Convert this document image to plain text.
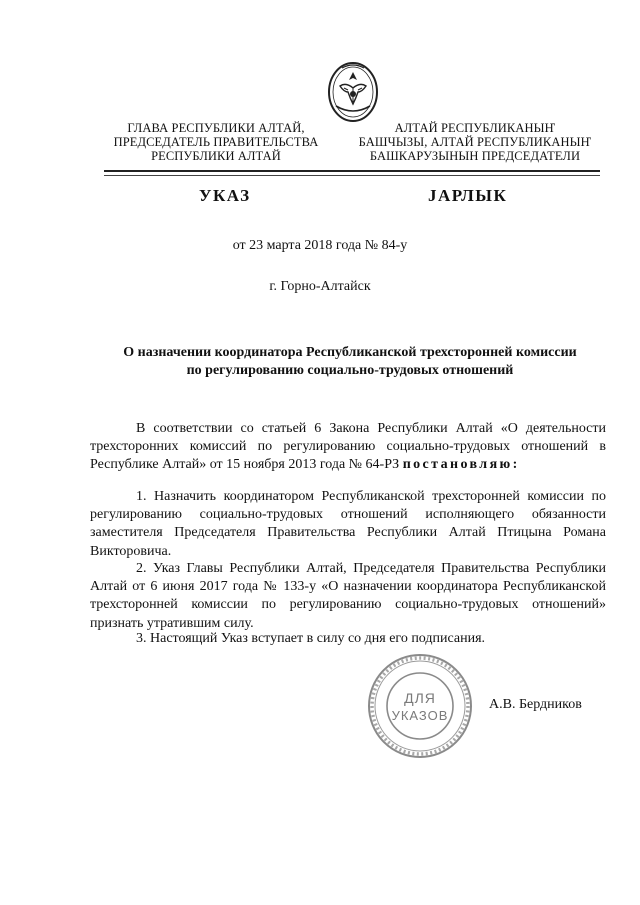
ГЛАВА РЕСПУБЛИКИ АЛТАЙ,
ПРЕДСЕДАТЕЛЬ ПРАВИТЕЛЬСТВА
РЕСПУБЛИКИ АЛТАЙ
АЛТАЙ РЕСПУБЛИКАНЫҤ
БАШЧЫЗЫ, АЛТАЙ РЕСПУБЛИКАНЫҤ
БАШКАРУЗЫНЫН ПРЕДСЕДАТЕЛИ
УКАЗ	ЈАРЛЫК
от 23 марта 2018 года № 84-у
г. Горно-Алтайск
О назначении координатора Республиканской трехсторонней комиссии
по регулированию социально-трудовых отношений
В соответствии со статьей 6 Закона Республики Алтай «О деятельности трехсторонних комиссий по регулированию социально-трудовых отношений в Республике Алтай» от 15 ноября 2013 года № 64-РЗ постановляю:
1. Назначить координатором Республиканской трехсторонней комиссии по регулированию социально-трудовых отношений исполняющего обязанности заместителя Председателя Правительства Республики Алтай Птицына Романа Викторовича.
2. Указ Главы Республики Алтай, Председателя Правительства Республики Алтай от 6 июня 2017 года № 133-у «О назначении координатора Республиканской трехсторонней комиссии по регулированию социально-трудовых отношений» признать утратившим силу.
3. Настоящий Указ вступает в силу со дня его подписания.
ДЛЯ
УКАЗОВ
А.В. Бердников
